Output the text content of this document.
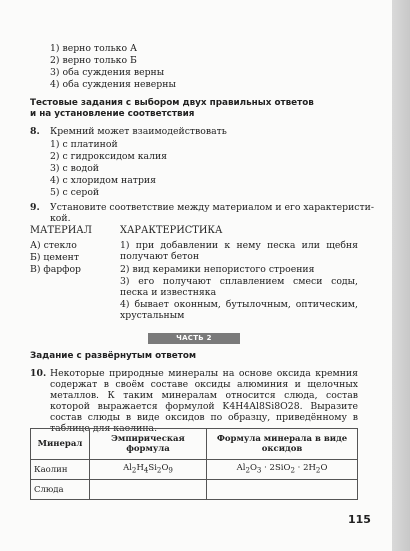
1) верно только А
2) верно только Б
3) оба суждения верны
4) оба суждения неверны
Тестовые задания с выбором двух правильных ответов
и на установление соответствия
8. Кремний может взаимодействовать
1) с платиной
2) с гидроксидом калия
3) с водой
4) с хлоридом натрия
5) с серой
9. Установите соответствие между материалом и его характеристи-
кой.
МАТЕРИАЛ	ХАРАКТЕРИСТИКА
А) стекло
Б) цемент
В) фарфор
1) при добавлении к нему песка или щебня получают бетон
2) вид керамики непористого строения
3) его получают сплавлением смеси соды, песка и известняка
4) бывает оконным, бутылочным, оптическим, хрустальным
ЧАСТЬ 2
Задание с развёрнутым ответом
10. Некоторые природные минералы на основе оксида кремния содержат в своём составе оксиды алюминия и щелочных металлов. К таким минералам относится слюда, состав которой выражается формулой K4H4Al8Si8O28. Выразите состав слюды в виде оксидов по образцу, приведённому в таблице для каолина.
Минерал	Эмпирическая формула	Формула минерала в виде оксидов
Каолин	$Al_2H_4Si_2O_9$	$Al_2O_3 \cdot 2SiO_2 \cdot 2H_2O$
Слюда		
115
